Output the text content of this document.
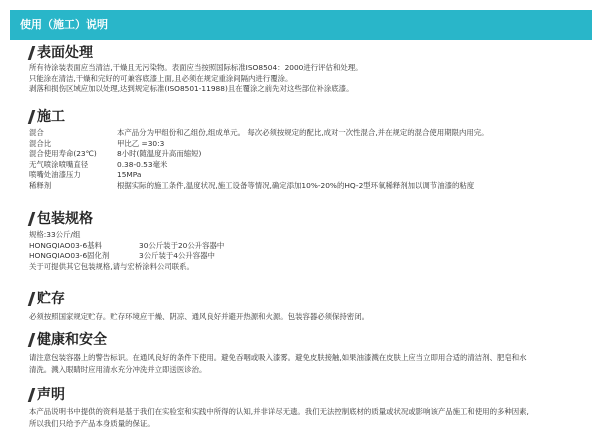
使用（施工）说明
表面处理
所有待涂装表面应当清洁,干燥且无污染物。表面应当按照国际标准ISO8504：2000进行评估和处理。
只能涂在清洁,干燥和完好的可兼容底漆上面,且必须在规定重涂间隔内进行覆涂。
剥落和损伤区域应加以处理,达到规定标准(ISO8501-11988)且在覆涂之前先对这些部位补涂底漆。
施工
混合	本产品分为甲组份和乙组份,组成单元。 每次必须按规定的配比,成对一次性混合,并在规定的混合使用期限内用完。
混合比	甲比乙 =30:3
混合使用寿命(23℃)	8小时(随温度升高而缩短)
无气喷涂喷嘴直径	0.38-0.53毫米
喷嘴处油漆压力	15MPa
稀释剂	根据实际的施工条件,温度状况,施工设备等情况,确定添加10%-20%的HQ-2型环氧稀释剂加以调节油漆的粘度
包装规格
规格:33公斤/组
HONGQIAO03-6基料	30公斤装于20公升容器中
HONGQIAO03-6固化剂	3公斤装于4公升容器中
关于可提供其它包装规格,请与宏桥涂料公司联系。
贮存
必须按照国家规定贮存。贮存环境应干燥、阴凉、通风良好并避开热源和火源。包装容器必须保持密闭。
健康和安全
请注意包装容器上的警告标识。在通风良好的条件下使用。避免吞咽或吸入漆雾。避免皮肤接触,如果油漆溅在皮肤上应当立即用合适的清洁剂、肥皂和水清洗。溅入眼睛时应用清水充分冲洗并立即送医诊治。
声明
本产品说明书中提供的资料是基于我们在实验室和实践中所得的认知,并非详尽无遗。我们无法控制底材的质量或状况或影响该产品施工和使用的多种因素,所以我们只给予产品本身质量的保证。
